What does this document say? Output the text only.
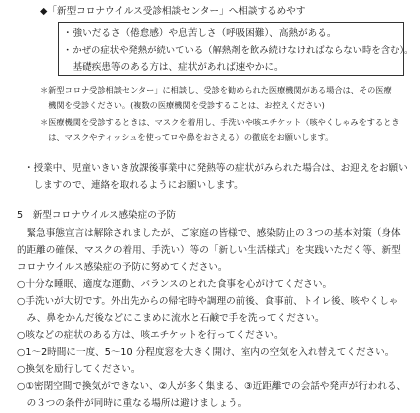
◆「新型コロナウイルス受診相談センター」へ相談するめやす
・強いだるさ（倦怠感）や息苦しさ（呼吸困難）、高熱がある。
・かぜの症状や発熱が続いている（解熱剤を飲み続けなければならない時を含む）。
　基礎疾患等のある方は、症状があれば速やかに。
＊新型コロナ受診相談センター」に相談し、受診を勧められた医療機関がある場合は、その医療
　機関を受診ください。(複数の医療機関を受診することは、お控えください)
＊医療機関を受診するときは、マスクを着用し、手洗いや咳エチケット（咳やくしゃみをするとき
　は、マスクやティッシュを使ってロや鼻をおさえる）の徹底をお願いします。
・授業中、児童いきいき放課後事業中に発熱等の症状がみられた場合は、お迎えをお願い
　しますので、連絡を取れるようにお願いします。
5　新型コロナウイルス感染症の予防
　緊急事態宣言は解除されましたが、ご家庭の皆様で、感染防止の３つの基本対策（身体
的距離の確保、マスクの着用、手洗い）等の「新しい生活様式」を実践いただく等、新型
コロナウイルス感染症の予防に努めてください。
○十分な睡眠、適度な運動、バランスのとれた食事を心がけてください。
○手洗いが大切です。外出先からの帰宅時や調理の前後、食事前、トイレ後、咳やくしゃ
　み、鼻をかんだ後などにこまめに流水と石鹸で手を洗ってください。
○咳などの症状のある方は、咳エチケットを行ってください。
○1～2時間に一度、5～10 分程度窓を大きく開け、室内の空気を入れ替えてください。
○換気を励行してください。
○①密閉空間で換気ができない、②人が多く集まる、③近距離での会話や発声が行われる、
　の３つの条件が同時に重なる場所は避けましょう。
